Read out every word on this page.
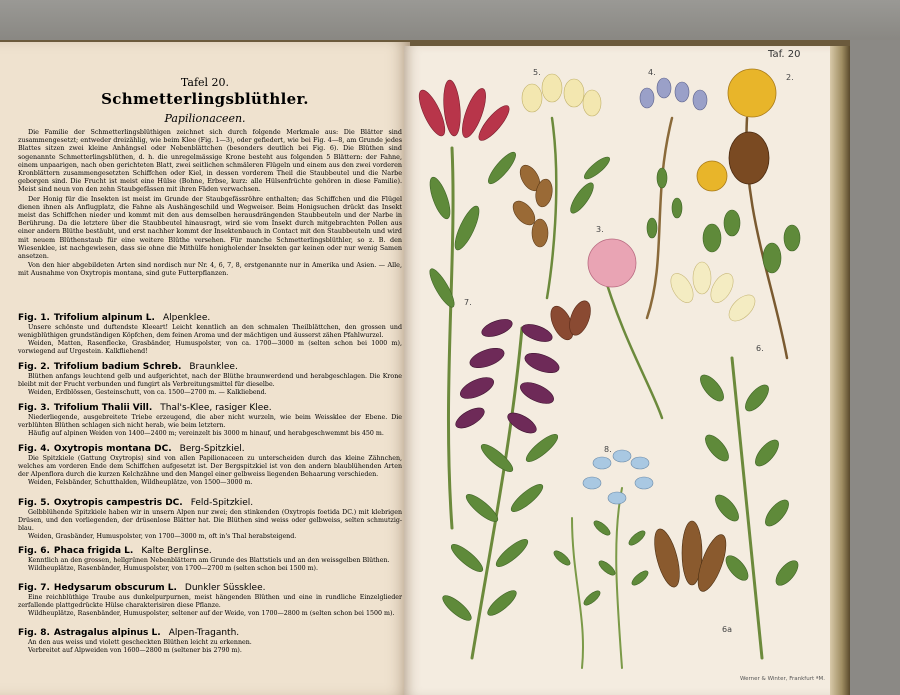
Tafel 20.
Schmetterlingsblüthler.
Papilionaceen.

Die Familie der Schmetterlingsblüthigen zeichnet sich durch folgende Merkmale aus: Die Blätter sind zusammengesetzt; entweder dreizählig, wie beim Klee (Fig. 1—3), oder gefiedert, wie bei Fig. 4—8, am Grunde jedes Blattes sitzen zwei kleine Anhängsel oder Nebenblättchen (besonders deutlich bei Fig. 6). Die Blüthen sind sogenannte Schmetterlingsblüthen, d. h. die unregelmässige Krone besteht aus folgenden 5 Blättern: der Fahne, einem unpaarigen, nach oben gerichteten Blatt, zwei seitlichen schmäleren Flügeln und einem aus den zwei vorderen Kronblättern zusammengesetzten Schiffchen oder Kiel, in dessen vorderem Theil die Staubbeutel und die Narbe geborgen sind. Die Frucht ist meist eine Hülse (Bohne, Erbse, kurz: alle Hülsenfrüchte gehören in diese Familie). Meist sind neun von den zehn Staubgefässen mit ihren Fäden verwachsen.

Der Honig für die Insekten ist meist im Grunde der Staubgefässröhre enthalten; das Schiffchen und die Flügel dienen ihnen als Anflugplatz, die Fahne als Aushängeschild und Wegweiser. Beim Honigsuchen drückt das Insekt meist das Schiffchen nieder und kommt mit den aus demselben herausdrängenden Staubbeuteln und der Narbe in Berührung. Da die letztere über die Staubbeutel hinausragt, wird sie vom Insekt durch mitgebrachten Pollen aus einer andern Blüthe bestäubt, und erst nachher kommt der Insektenbauch in Contact mit den Staubbeuteln und wird mit neuem Blüthenstaub für eine weitere Blüthe versehen. Für manche Schmetterlingsblüthler, so z. B. den Wiesenklee, ist nachgewiesen, dass sie ohne die Mithülfe honigholender Insekten gar keinen oder nur wenig Samen ansetzen.

Von den hier abgebildeten Arten sind nordisch nur Nr. 4, 6, 7, 8, erstgenannte nur in Amerika und Asien. — Alle, mit Ausnahme von Oxytropis montana, sind gute Futterpflanzen.

Fig. 1. Trifolium alpinum L. Alpenklee.

Unsere schönste und duftendste Kleeart! Leicht kenntlich an den schmalen Theilblättchen, den grossen und wenigblüthigen grundständigen Köpfchen, dem feinen Aroma und der mächtigen und äusserst zähen Pfahlwurzel.

Weiden, Matten, Rasenflecke, Grasbänder, Humuspolster, von ca. 1700—3000 m (selten schon bei 1000 m), vorwiegend auf Urgestein. Kalkfliehend!

Fig. 2. Trifolium badium Schreb. Braunklee.

Blüthen anfangs leuchtend gelb und aufgerichtet, nach der Blüthe braunwerdend und herabgeschlagen. Die Krone bleibt mit der Frucht verbunden und fungirt als Verbreitungsmittel für dieselbe.

Weiden, Erdblössen, Gesteinschutt, von ca. 1500—2700 m. — Kalkliebend.

Fig. 3. Trifolium Thalii Vill. Thal's-Klee, rasiger Klee.

Niederliegende, ausgebreitete Triebe erzeugend, die aber nicht wurzeln, wie beim Weissklee der Ebene. Die verblühten Blüthen schlagen sich nicht herab, wie beim letztern.

Häufig auf alpinen Weiden von 1400—2400 m; vereinzelt bis 3000 m hinauf, und herabgeschwemmt bis 450 m.

Fig. 4. Oxytropis montana DC. Berg-Spitzkiel.

Die Spitzkiele (Gattung Oxytropis) sind von allen Papilionaceen zu unterscheiden durch das kleine Zähnchen, welches am vorderen Ende dem Schiffchen aufgesetzt ist. Der Bergspitzkiel ist von den andern blaublühenden Arten der Alpenflora durch die kurzen Kelchzähne und den Mangel einer gelbweiss liegenden Behaarung verschieden.

Weiden, Felsbänder, Schutthalden, Wildheuplätze, von 1500—3000 m.

Fig. 5. Oxytropis campestris DC. Feld-Spitzkiel.

Gelbblühende Spitzkiele haben wir in unsern Alpen nur zwei; den stinkenden (Oxytropis foetida DC.) mit klebrigen Drüsen, und den vorliegenden, der drüsenlose Blätter hat. Die Blüthen sind weiss oder gelbweiss, selten schmutzig-blau.

Weiden, Grasbänder, Humuspolster, von 1700—3000 m, oft in's Thal herabsteigend.

Fig. 6. Phaca frigida L. Kalte Berglinse.

Kenntlich an den grossen, hellgrünen Nebenblättern am Grunde des Blattstiels und an den weissgelben Blüthen.

Wildheuplätze, Rasenbänder, Humuspolster, von 1700—2700 m (selten schon bei 1500 m).

Fig. 7. Hedysarum obscurum L. Dunkler Süssklee.

Eine reichblüthige Traube aus dunkelpurpurnen, meist hängenden Blüthen und eine in rundliche Einzelglieder zerfallende plattgedrückte Hülse charakterisiren diese Pflanze.

Wildheuplätze, Rasenbänder, Humuspolster, seltener auf der Weide, von 1700—2800 m (selten schon bei 1500 m).

Fig. 8. Astragalus alpinus L. Alpen-Traganth.

An den aus weiss und violett gescheckten Blüthen leicht zu erkennen.

Verbreitet auf Alpweiden von 1600—2800 m (seltener bis 2790 m).

Taf. 20
5.	4.
2.
3.
7.
6.
8.
6a
Werner & Winter, Frankfurt ªM.
